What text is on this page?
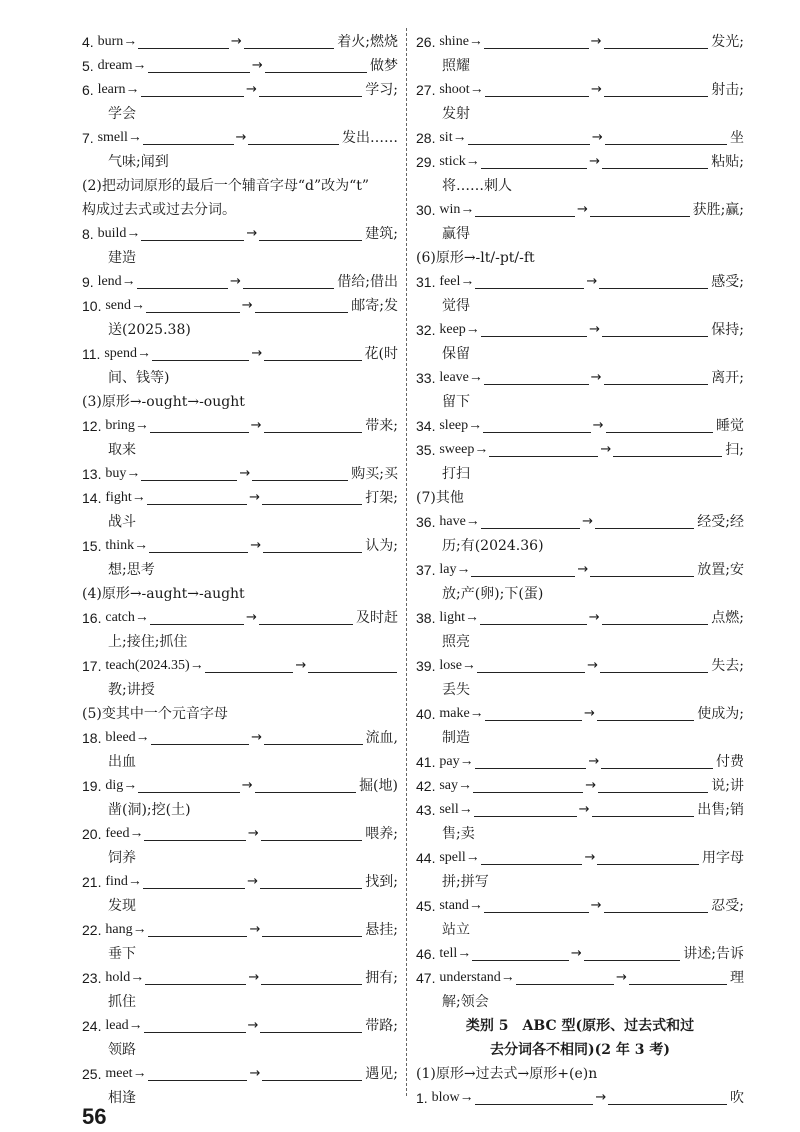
4. burn→	→	着火;燃烧
5. dream→	→	做梦
6. learn→	→	学习;
学会
7. smell→	→	发出……
气味;闻到
(2)把动词原形的最后一个辅音字母“d”改为“t”
构成过去式或过去分词。
8. build→	→	建筑;
建造
9. lend→	→	借给;借出
10. send→	→	邮寄;发
送(2025.38)
11. spend→	→	花(时
间、钱等)
(3)原形→-ought→-ought
12. bring→	→	带来;
取来
13. buy→	→	购买;买
14. fight→	→	打架;
战斗
15. think→	→	认为;
想;思考
(4)原形→-aught→-aught
16. catch→	→	及时赶
上;接住;抓住
17. teach(2024.35)→	→
教;讲授
(5)变其中一个元音字母
18. bleed→	→	流血,
出血
19. dig→	→	掘(地)
凿(洞);挖(土)
20. feed→	→	喂养;
饲养
21. find→	→	找到;
发现
22. hang→	→	悬挂;
垂下
23. hold→	→	拥有;
抓住
24. lead→	→	带路;
领路
25. meet→	→	遇见;
相逢
26. shine→	→	发光;
照耀
27. shoot→	→	射击;
发射
28. sit→	→	坐
29. stick→	→	粘贴;
将……刺人
30. win→	→	获胜;赢;
赢得
(6)原形→-lt/-pt/-ft
31. feel→	→	感受;
觉得
32. keep→	→	保持;
保留
33. leave→	→	离开;
留下
34. sleep→	→	睡觉
35. sweep→	→	扫;
打扫
(7)其他
36. have→	→	经受;经
历;有(2024.36)
37. lay→	→	放置;安
放;产(卵);下(蛋)
38. light→	→	点燃;
照亮
39. lose→	→	失去;
丢失
40. make→	→	使成为;
制造
41. pay→	→	付费
42. say→	→	说;讲
43. sell→	→	出售;销
售;卖
44. spell→	→	用字母
拼;拼写
45. stand→	→	忍受;
站立
46. tell→	→	讲述;告诉
47. understand→	→	理
解;领会
类别 5　ABC 型(原形、过去式和过
去分词各不相同)(2 年 3 考)
(1)原形→过去式→原形+(e)n
1. blow→	→	吹
56
